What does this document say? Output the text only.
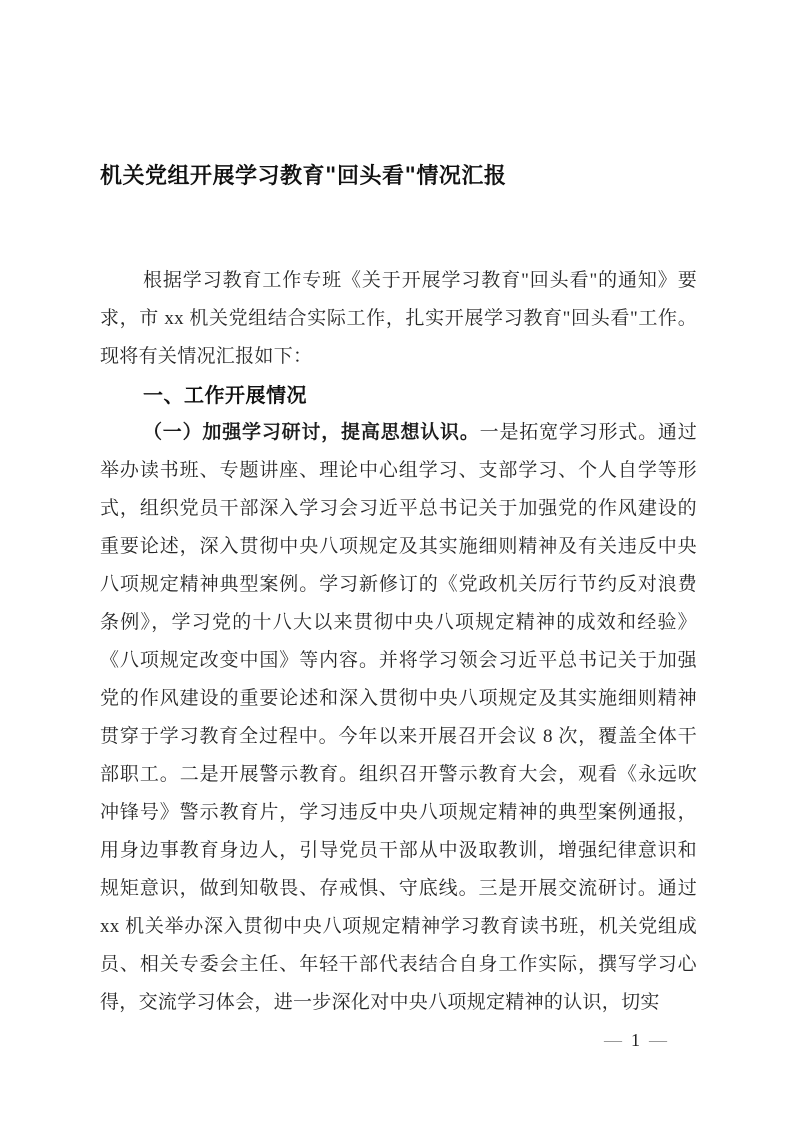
机关党组开展学习教育"回头看"情况汇报

根据学习教育工作专班《关于开展学习教育"回头看"的通知》要求，市 xx 机关党组结合实际工作，扎实开展学习教育"回头看"工作。现将有关情况汇报如下：

一、工作开展情况

（一）加强学习研讨，提高思想认识。一是拓宽学习形式。通过举办读书班、专题讲座、理论中心组学习、支部学习、个人自学等形式，组织党员干部深入学习会习近平总书记关于加强党的作风建设的重要论述，深入贯彻中央八项规定及其实施细则精神及有关违反中央八项规定精神典型案例。学习新修订的《党政机关厉行节约反对浪费条例》，学习党的十八大以来贯彻中央八项规定精神的成效和经验》《八项规定改变中国》等内容。并将学习领会习近平总书记关于加强党的作风建设的重要论述和深入贯彻中央八项规定及其实施细则精神贯穿于学习教育全过程中。今年以来开展召开会议 8 次，覆盖全体干部职工。二是开展警示教育。组织召开警示教育大会，观看《永远吹冲锋号》警示教育片，学习违反中央八项规定精神的典型案例通报，用身边事教育身边人，引导党员干部从中汲取教训，增强纪律意识和规矩意识，做到知敬畏、存戒惧、守底线。三是开展交流研讨。通过 xx 机关举办深入贯彻中央八项规定精神学习教育读书班，机关党组成员、相关专委会主任、年轻干部代表结合自身工作实际，撰写学习心得，交流学习体会，进一步深化对中央八项规定精神的认识，切实

— 1 —
